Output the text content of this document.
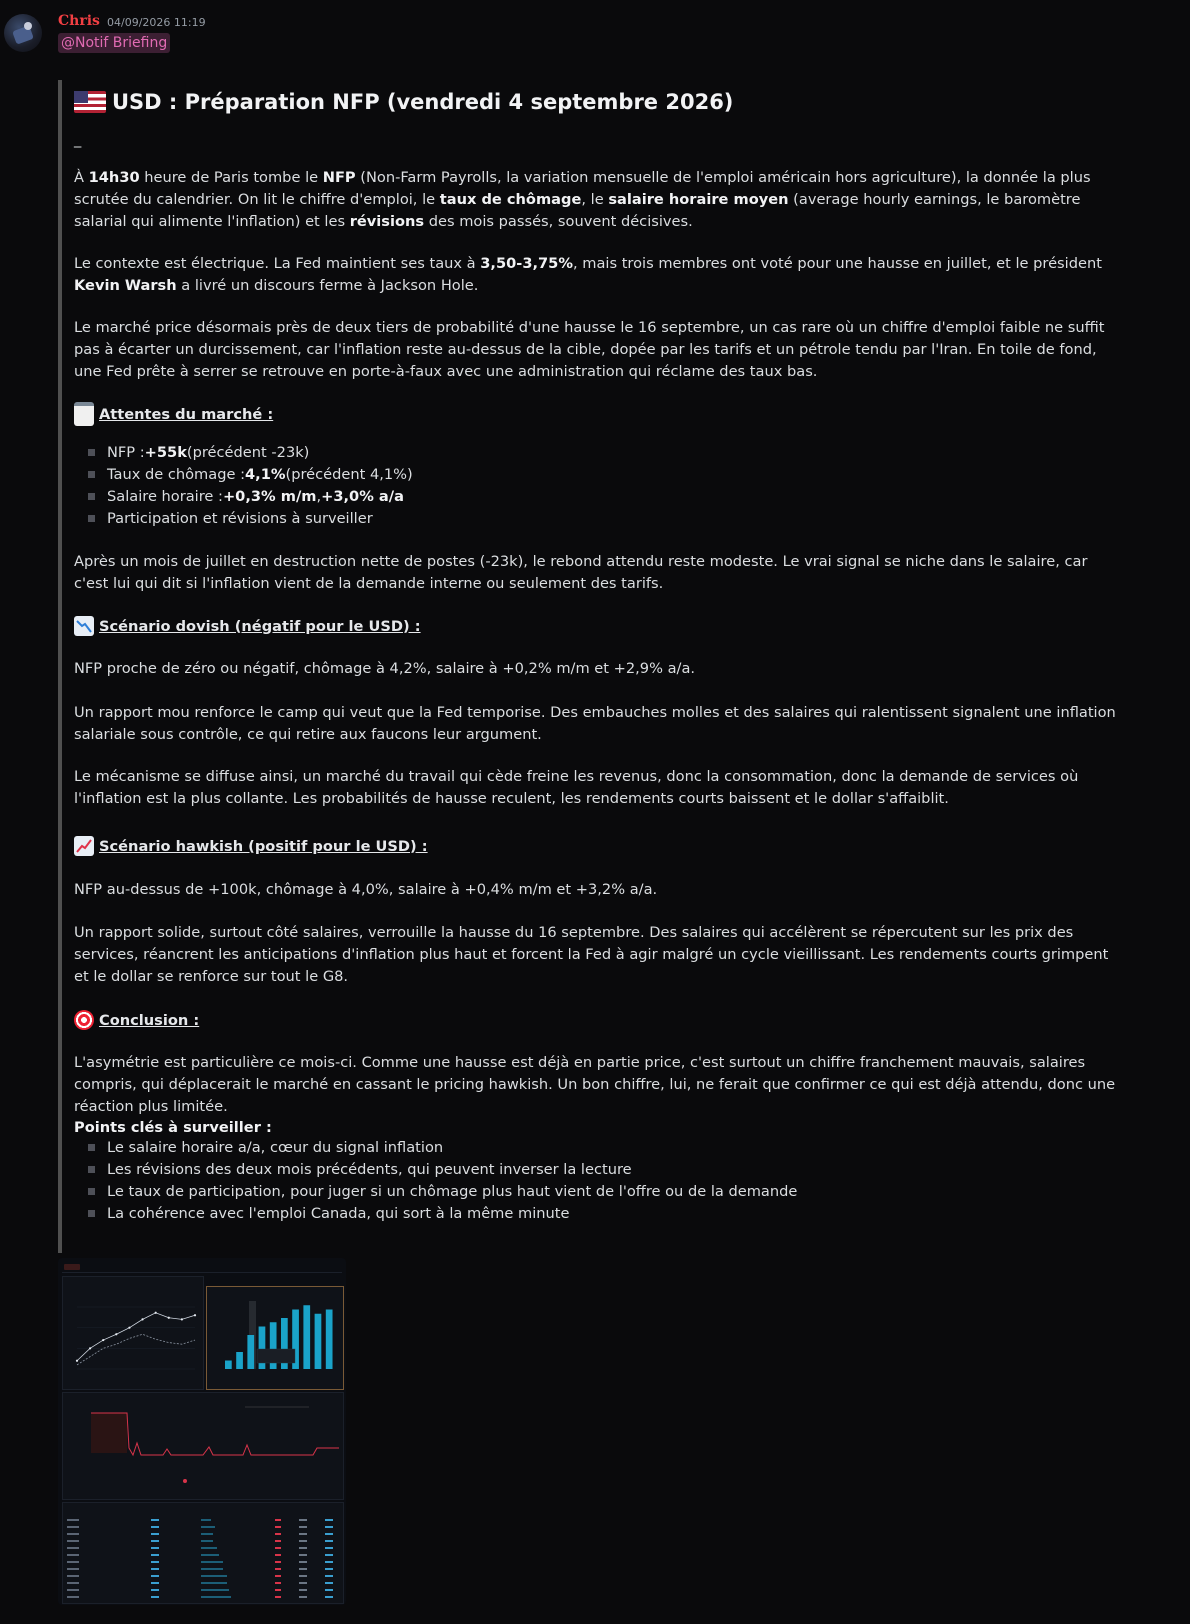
Chris 04/09/2026 11:19
@Notif Briefing
USD : Préparation NFP (vendredi 4 septembre 2026)
_
À 14h30 heure de Paris tombe le NFP (Non-Farm Payrolls, la variation mensuelle de l'emploi américain hors agriculture), la donnée la plus scrutée du calendrier. On lit le chiffre d'emploi, le taux de chômage, le salaire horaire moyen (average hourly earnings, le baromètre salarial qui alimente l'inflation) et les révisions des mois passés, souvent décisives.
Le contexte est électrique. La Fed maintient ses taux à 3,50-3,75%, mais trois membres ont voté pour une hausse en juillet, et le président Kevin Warsh a livré un discours ferme à Jackson Hole.
Le marché price désormais près de deux tiers de probabilité d'une hausse le 16 septembre, un cas rare où un chiffre d'emploi faible ne suffit pas à écarter un durcissement, car l'inflation reste au-dessus de la cible, dopée par les tarifs et un pétrole tendu par l'Iran. En toile de fond, une Fed prête à serrer se retrouve en porte-à-faux avec une administration qui réclame des taux bas.
Attentes du marché :
NFP : +55k (précédent -23k)
Taux de chômage : 4,1% (précédent 4,1%)
Salaire horaire : +0,3% m/m , +3,0% a/a
Participation et révisions à surveiller
Après un mois de juillet en destruction nette de postes (-23k), le rebond attendu reste modeste. Le vrai signal se niche dans le salaire, car c'est lui qui dit si l'inflation vient de la demande interne ou seulement des tarifs.
Scénario dovish (négatif pour le USD) :
NFP proche de zéro ou négatif, chômage à 4,2%, salaire à +0,2% m/m et +2,9% a/a.
Un rapport mou renforce le camp qui veut que la Fed temporise. Des embauches molles et des salaires qui ralentissent signalent une inflation salariale sous contrôle, ce qui retire aux faucons leur argument.
Le mécanisme se diffuse ainsi, un marché du travail qui cède freine les revenus, donc la consommation, donc la demande de services où l'inflation est la plus collante. Les probabilités de hausse reculent, les rendements courts baissent et le dollar s'affaiblit.
Scénario hawkish (positif pour le USD) :
NFP au-dessus de +100k, chômage à 4,0%, salaire à +0,4% m/m et +3,2% a/a.
Un rapport solide, surtout côté salaires, verrouille la hausse du 16 septembre. Des salaires qui accélèrent se répercutent sur les prix des services, réancrent les anticipations d'inflation plus haut et forcent la Fed à agir malgré un cycle vieillissant. Les rendements courts grimpent et le dollar se renforce sur tout le G8.
Conclusion :
L'asymétrie est particulière ce mois-ci. Comme une hausse est déjà en partie price, c'est surtout un chiffre franchement mauvais, salaires compris, qui déplacerait le marché en cassant le pricing hawkish. Un bon chiffre, lui, ne ferait que confirmer ce qui est déjà attendu, donc une réaction plus limitée.
Points clés à surveiller :
Le salaire horaire a/a, cœur du signal inflation
Les révisions des deux mois précédents, qui peuvent inverser la lecture
Le taux de participation, pour juger si un chômage plus haut vient de l'offre ou de la demande
La cohérence avec l'emploi Canada, qui sort à la même minute
